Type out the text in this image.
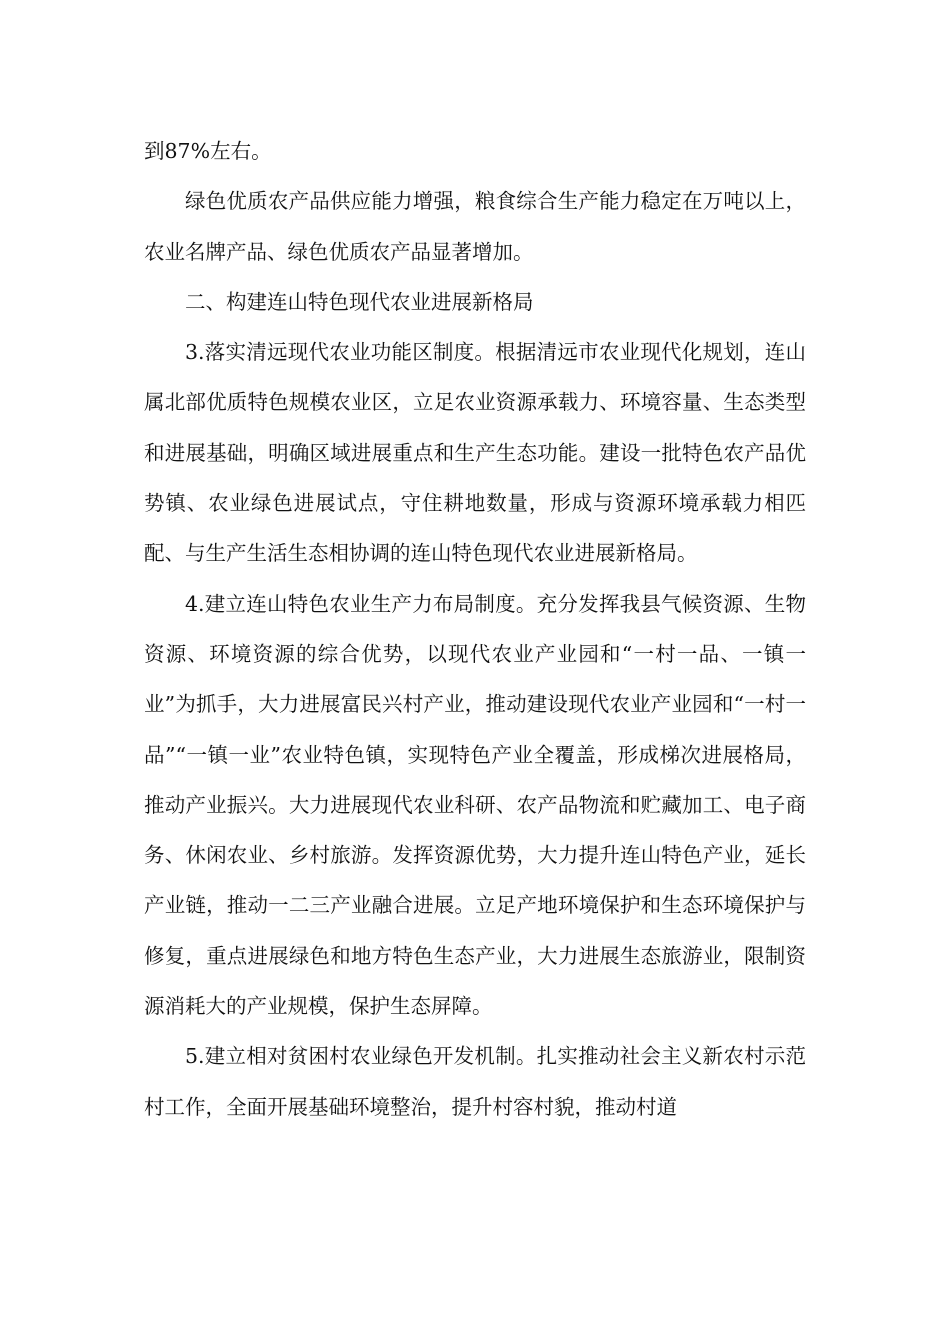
到87%左右。

绿色优质农产品供应能力增强，粮食综合生产能力稳定在万吨以上，农业名牌产品、绿色优质农产品显著增加。

二、构建连山特色现代农业进展新格局

3.落实清远现代农业功能区制度。根据清远市农业现代化规划，连山属北部优质特色规模农业区，立足农业资源承载力、环境容量、生态类型和进展基础，明确区域进展重点和生产生态功能。建设一批特色农产品优势镇、农业绿色进展试点，守住耕地数量，形成与资源环境承载力相匹配、与生产生活生态相协调的连山特色现代农业进展新格局。

4.建立连山特色农业生产力布局制度。充分发挥我县气候资源、生物资源、环境资源的综合优势，以现代农业产业园和“一村一品、一镇一业”为抓手，大力进展富民兴村产业，推动建设现代农业产业园和“一村一品”“一镇一业”农业特色镇，实现特色产业全覆盖，形成梯次进展格局，推动产业振兴。大力进展现代农业科研、农产品物流和贮藏加工、电子商务、休闲农业、乡村旅游。发挥资源优势，大力提升连山特色产业，延长产业链，推动一二三产业融合进展。立足产地环境保护和生态环境保护与修复，重点进展绿色和地方特色生态产业，大力进展生态旅游业，限制资源消耗大的产业规模，保护生态屏障。

5.建立相对贫困村农业绿色开发机制。扎实推动社会主义新农村示范村工作，全面开展基础环境整治，提升村容村貌，推动村道
